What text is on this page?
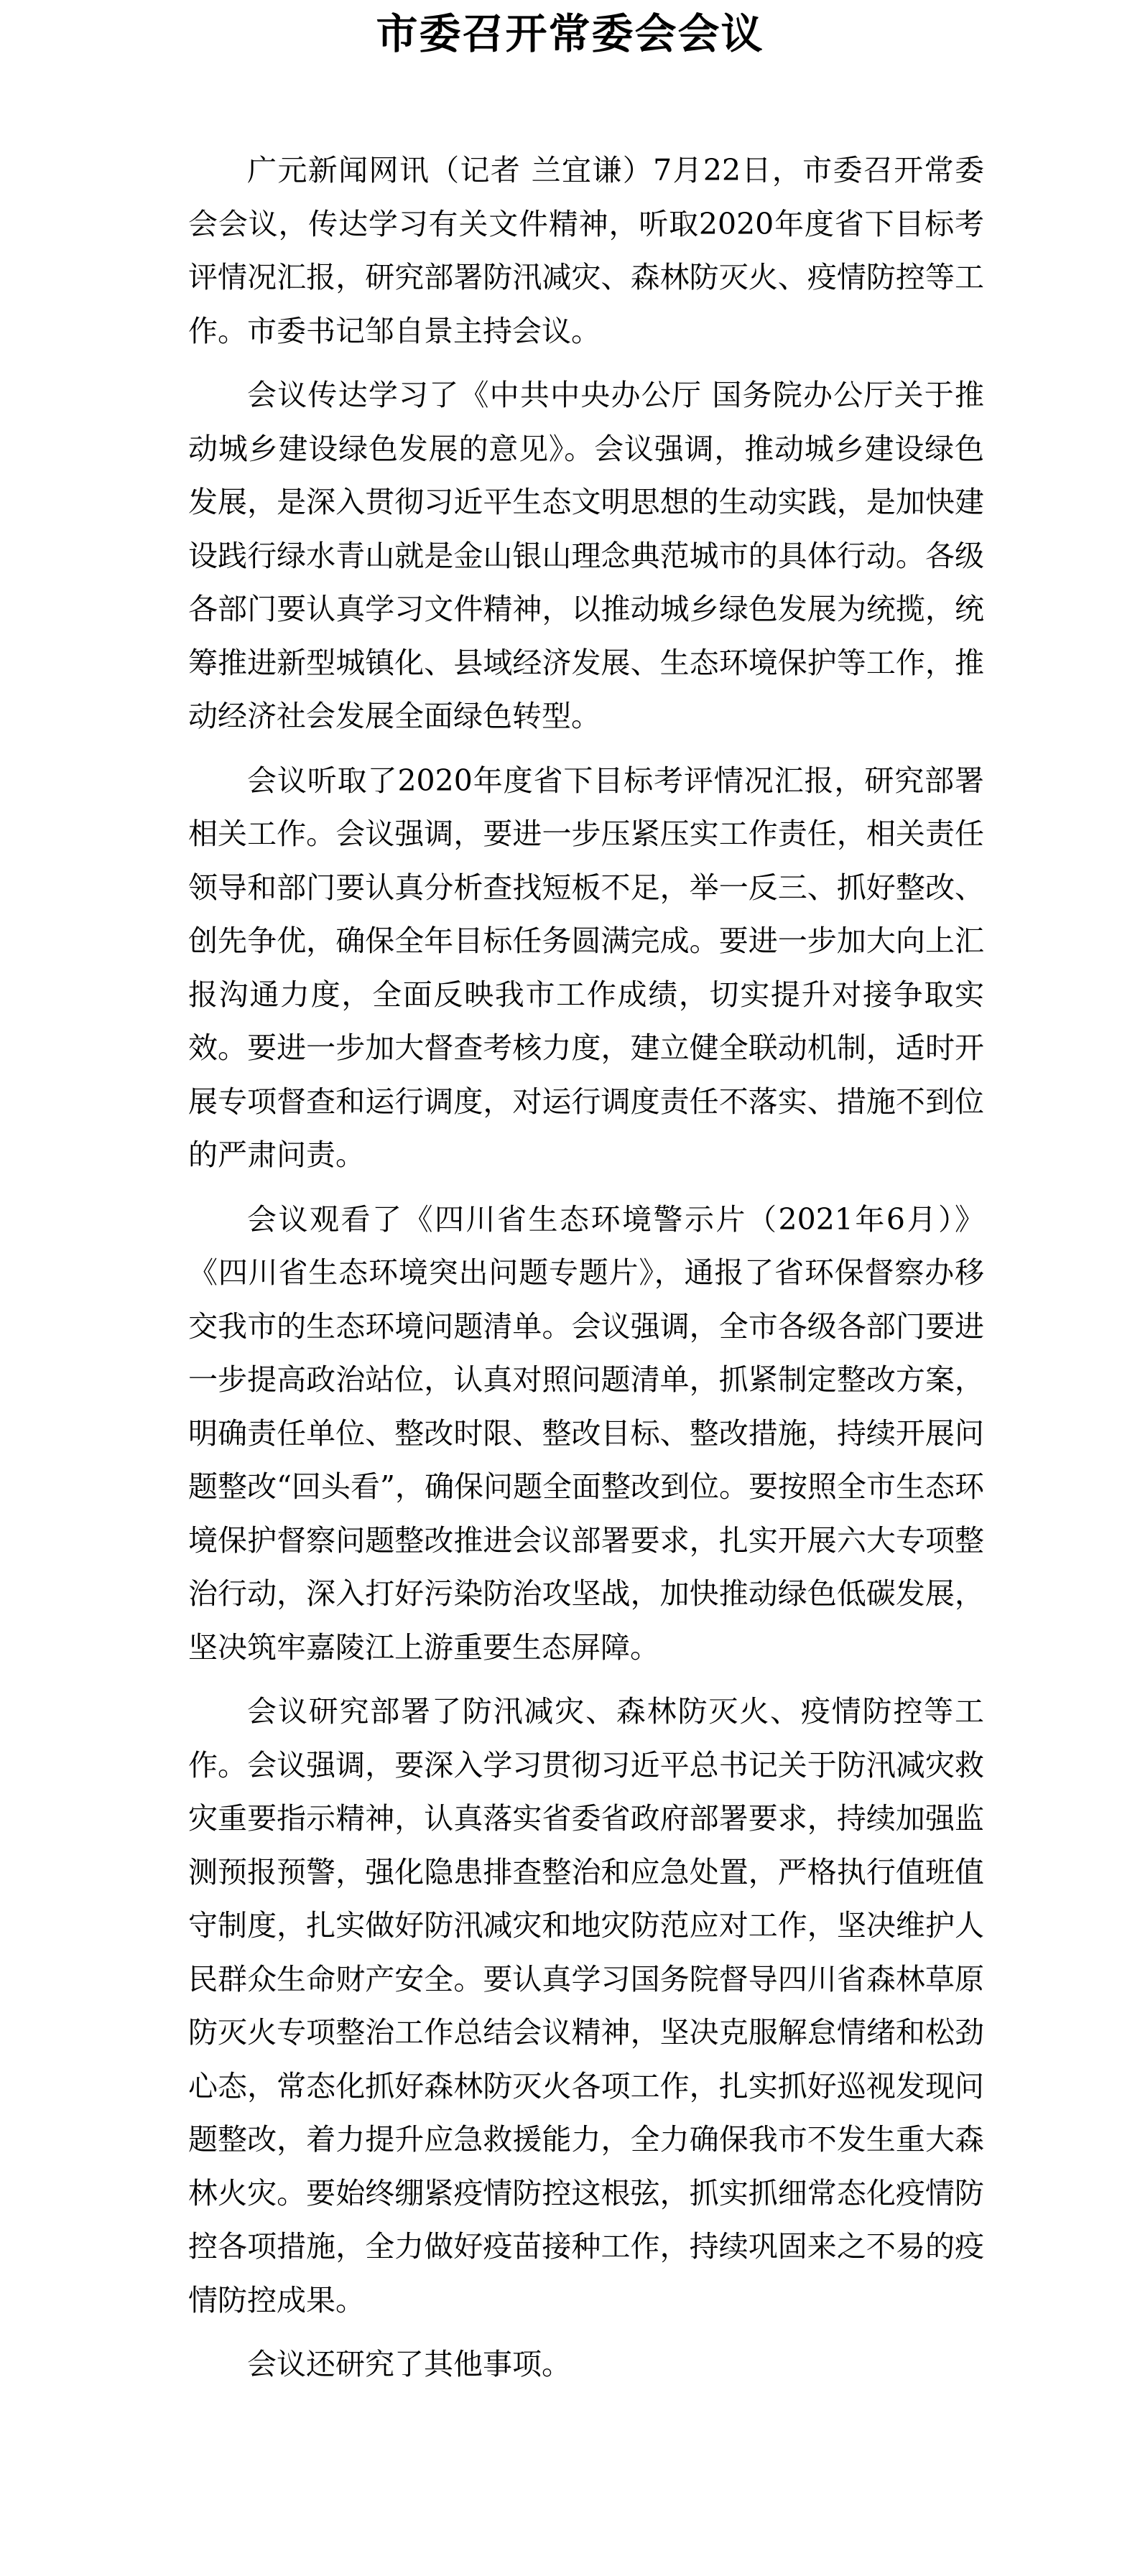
市委召开常委会会议

广元新闻网讯（记者 兰宜谦）7月22日，市委召开常委会会议，传达学习有关文件精神，听取2020年度省下目标考评情况汇报，研究部署防汛减灾、森林防灭火、疫情防控等工作。市委书记邹自景主持会议。

会议传达学习了《中共中央办公厅 国务院办公厅关于推动城乡建设绿色发展的意见》。会议强调，推动城乡建设绿色发展，是深入贯彻习近平生态文明思想的生动实践，是加快建设践行绿水青山就是金山银山理念典范城市的具体行动。各级各部门要认真学习文件精神，以推动城乡绿色发展为统揽，统筹推进新型城镇化、县域经济发展、生态环境保护等工作，推动经济社会发展全面绿色转型。

会议听取了2020年度省下目标考评情况汇报，研究部署相关工作。会议强调，要进一步压紧压实工作责任，相关责任领导和部门要认真分析查找短板不足，举一反三、抓好整改、创先争优，确保全年目标任务圆满完成。要进一步加大向上汇报沟通力度，全面反映我市工作成绩，切实提升对接争取实效。要进一步加大督查考核力度，建立健全联动机制，适时开展专项督查和运行调度，对运行调度责任不落实、措施不到位的严肃问责。

会议观看了《四川省生态环境警示片（2021年6月）》《四川省生态环境突出问题专题片》，通报了省环保督察办移交我市的生态环境问题清单。会议强调，全市各级各部门要进一步提高政治站位，认真对照问题清单，抓紧制定整改方案，明确责任单位、整改时限、整改目标、整改措施，持续开展问题整改“回头看”，确保问题全面整改到位。要按照全市生态环境保护督察问题整改推进会议部署要求，扎实开展六大专项整治行动，深入打好污染防治攻坚战，加快推动绿色低碳发展，坚决筑牢嘉陵江上游重要生态屏障。

会议研究部署了防汛减灾、森林防灭火、疫情防控等工作。会议强调，要深入学习贯彻习近平总书记关于防汛减灾救灾重要指示精神，认真落实省委省政府部署要求，持续加强监测预报预警，强化隐患排查整治和应急处置，严格执行值班值守制度，扎实做好防汛减灾和地灾防范应对工作，坚决维护人民群众生命财产安全。要认真学习国务院督导四川省森林草原防灭火专项整治工作总结会议精神，坚决克服解怠情绪和松劲心态，常态化抓好森林防灭火各项工作，扎实抓好巡视发现问题整改，着力提升应急救援能力，全力确保我市不发生重大森林火灾。要始终绷紧疫情防控这根弦，抓实抓细常态化疫情防控各项措施，全力做好疫苗接种工作，持续巩固来之不易的疫情防控成果。

会议还研究了其他事项。
